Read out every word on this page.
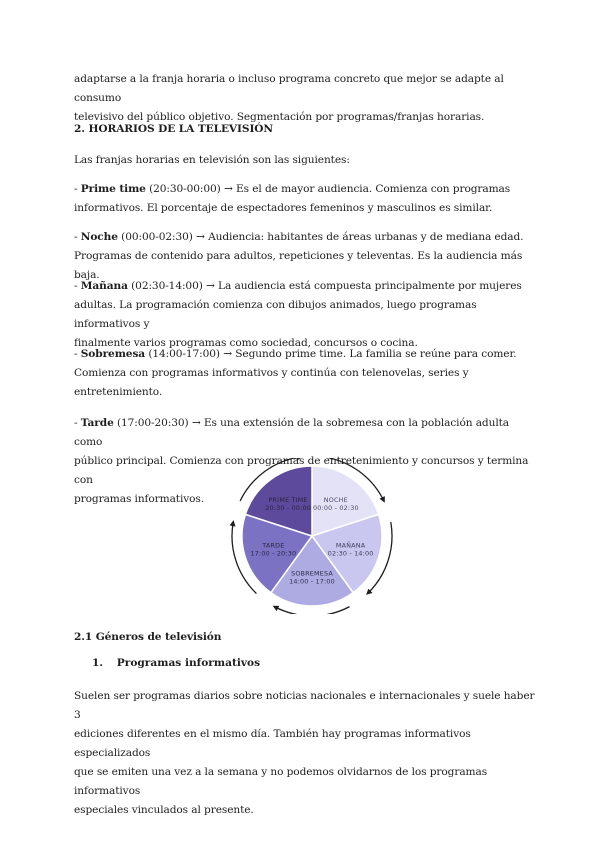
adaptarse a la franja horaria o incluso programa concreto que mejor se adapte al consumo
televisivo del público objetivo. Segmentación por programas/franjas horarias.
2. HORARIOS DE LA TELEVISIÓN
Las franjas horarias en televisión son las siguientes:
- Prime time (20:30-00:00) → Es el de mayor audiencia. Comienza con programas
informativos. El porcentaje de espectadores femeninos y masculinos es similar.
- Noche (00:00-02:30) → Audiencia: habitantes de áreas urbanas y de mediana edad.
Programas de contenido para adultos, repeticiones y televentas. Es la audiencia más baja.
- Mañana (02:30-14:00) → La audiencia está compuesta principalmente por mujeres
adultas. La programación comienza con dibujos animados, luego programas informativos y
finalmente varios programas como sociedad, concursos o cocina.
- Sobremesa (14:00-17:00) → Segundo prime time. La familia se reúne para comer.
Comienza con programas informativos y continúa con telenovelas, series y
entretenimiento.
- Tarde (17:00-20:30) → Es una extensión de la sobremesa con la población adulta como
público principal. Comienza con programas de entretenimiento y concursos y termina con
programas informativos.	NOCHE
00:00 - 02:30
MAÑANA
02:30 - 14:00
SOBREMESA
14:00 - 17:00
TARDE
17:00 - 20:30
PRIME TIME
20:30 - 00:00
2.1 Géneros de televisión
1. Programas informativos
Suelen ser programas diarios sobre noticias nacionales e internacionales y suele haber 3
ediciones diferentes en el mismo día. También hay programas informativos especializados
que se emiten una vez a la semana y no podemos olvidarnos de los programas informativos
especiales vinculados al presente.
